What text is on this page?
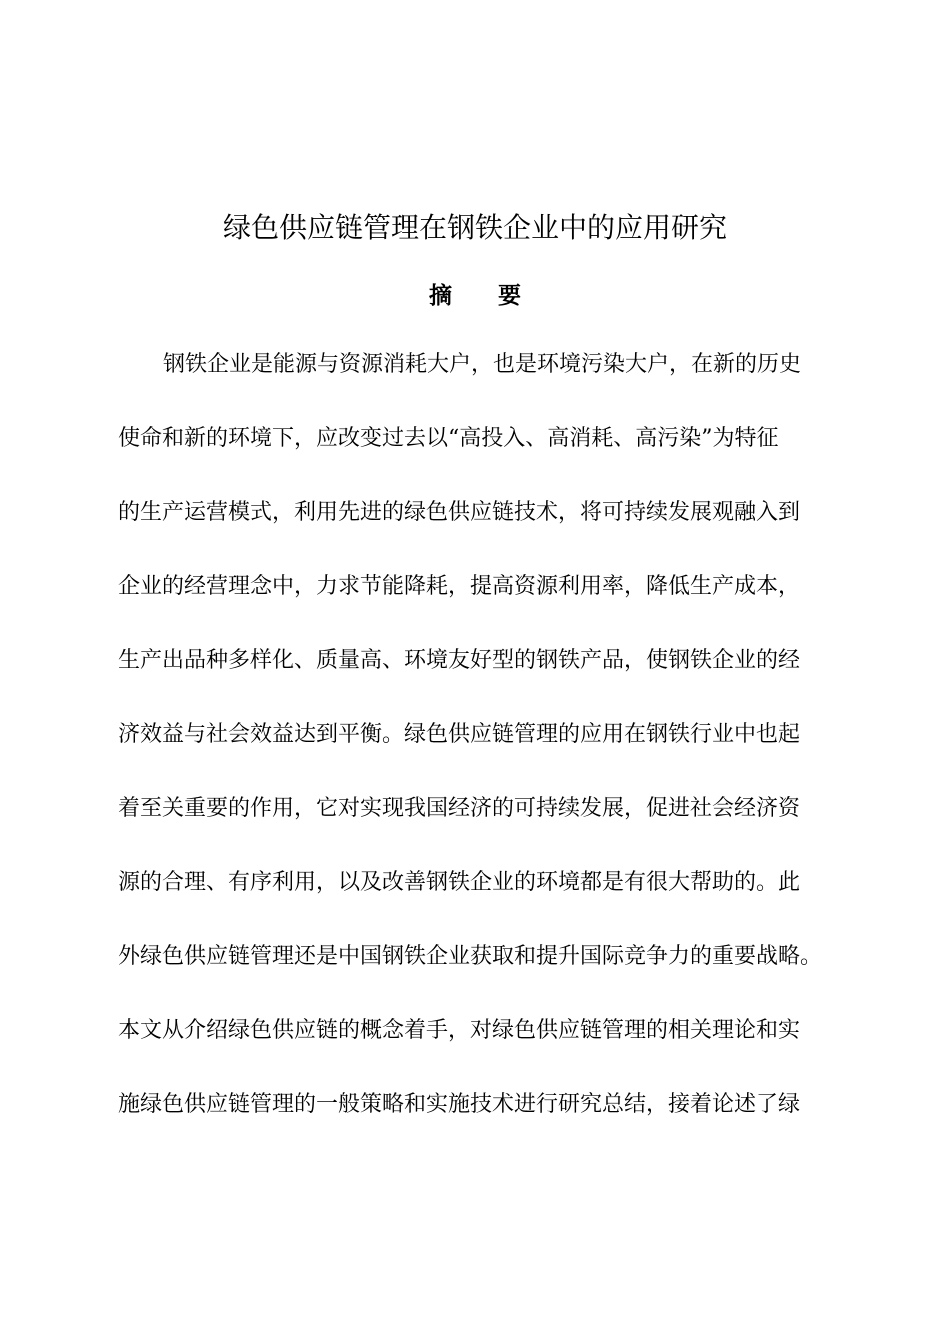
绿色供应链管理在钢铁企业中的应用研究
摘　　要
钢铁企业是能源与资源消耗大户，也是环境污染大户，在新的历史
使命和新的环境下，应改变过去以“高投入、高消耗、高污染”为特征
的生产运营模式，利用先进的绿色供应链技术，将可持续发展观融入到
企业的经营理念中，力求节能降耗，提高资源利用率，降低生产成本，
生产出品种多样化、质量高、环境友好型的钢铁产品，使钢铁企业的经
济效益与社会效益达到平衡。绿色供应链管理的应用在钢铁行业中也起
着至关重要的作用，它对实现我国经济的可持续发展，促进社会经济资
源的合理、有序利用，以及改善钢铁企业的环境都是有很大帮助的。此
外绿色供应链管理还是中国钢铁企业获取和提升国际竞争力的重要战略。
本文从介绍绿色供应链的概念着手，对绿色供应链管理的相关理论和实
施绿色供应链管理的一般策略和实施技术进行研究总结，接着论述了绿
